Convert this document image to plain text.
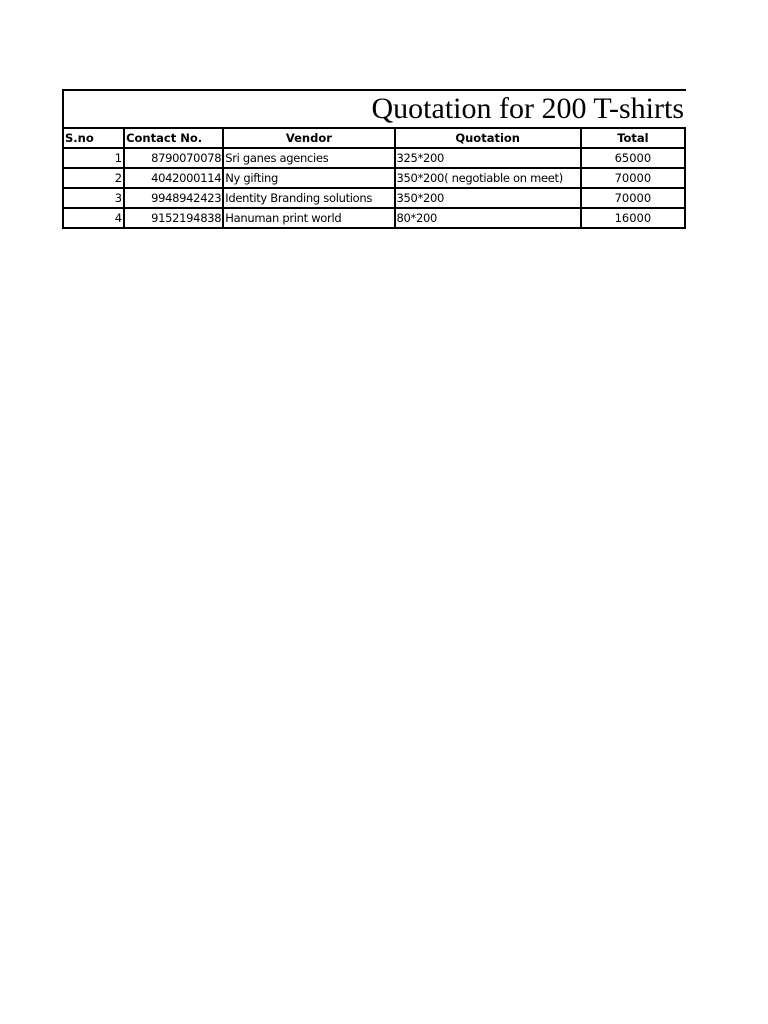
Quotation for 200 T-shirts
S.no	Contact No.	Vendor	Quotation	Total
1	8790070078	Sri ganes agencies	325*200	65000
2	4042000114	Ny gifting	350*200( negotiable on meet)	70000
3	9948942423	Identity Branding solutions	350*200	70000
4	9152194838	Hanuman print world	80*200	16000
